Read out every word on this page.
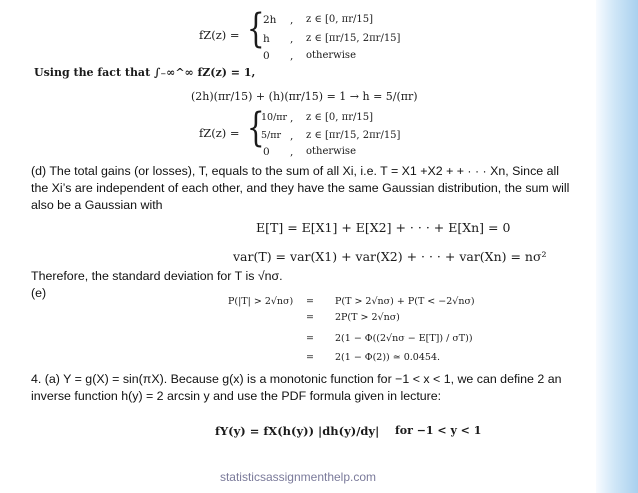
fZ(z) = {
2h , z ∈ [0, πr/15]
h , z ∈ [πr/15, 2πr/15]
0 , otherwise
Using the fact that ∫₋∞^∞ fZ(z) = 1,
(2h)(πr/15) + (h)(πr/15) = 1 → h = 5/(πr)
fZ(z) = {
10/πr , z ∈ [0, πr/15]
5/πr , z ∈ [πr/15, 2πr/15]
0 , otherwise
(d) The total gains (or losses), T, equals to the sum of all Xi, i.e. T = X1 +X2 + + · · · Xn, Since all the Xi’s are independent of each other, and they have the same Gaussian distribution, the sum will also be a Gaussian with
E[T] = E[X1] + E[X2] + · · · + E[Xn] = 0
var(T) = var(X1) + var(X2) + · · · + var(Xn) = nσ²
Therefore, the standard deviation for T is √nσ.
(e)
P(|T| > 2√nσ) = P(T > 2√nσ) + P(T < −2√nσ)
= 2P(T > 2√nσ)
= 2(1 − Φ((2√nσ − E[T]) / σT))
= 2(1 − Φ(2)) ≃ 0.0454.
4. (a) Y = g(X) = sin(πX). Because g(x) is a monotonic function for −1 < x < 1, we can define 2 an inverse function h(y) = 2 arcsin y and use the PDF formula given in lecture:
fY(y) = fX(h(y)) |dh(y)/dy| for −1 < y < 1
statisticsassignmenthelp.com
